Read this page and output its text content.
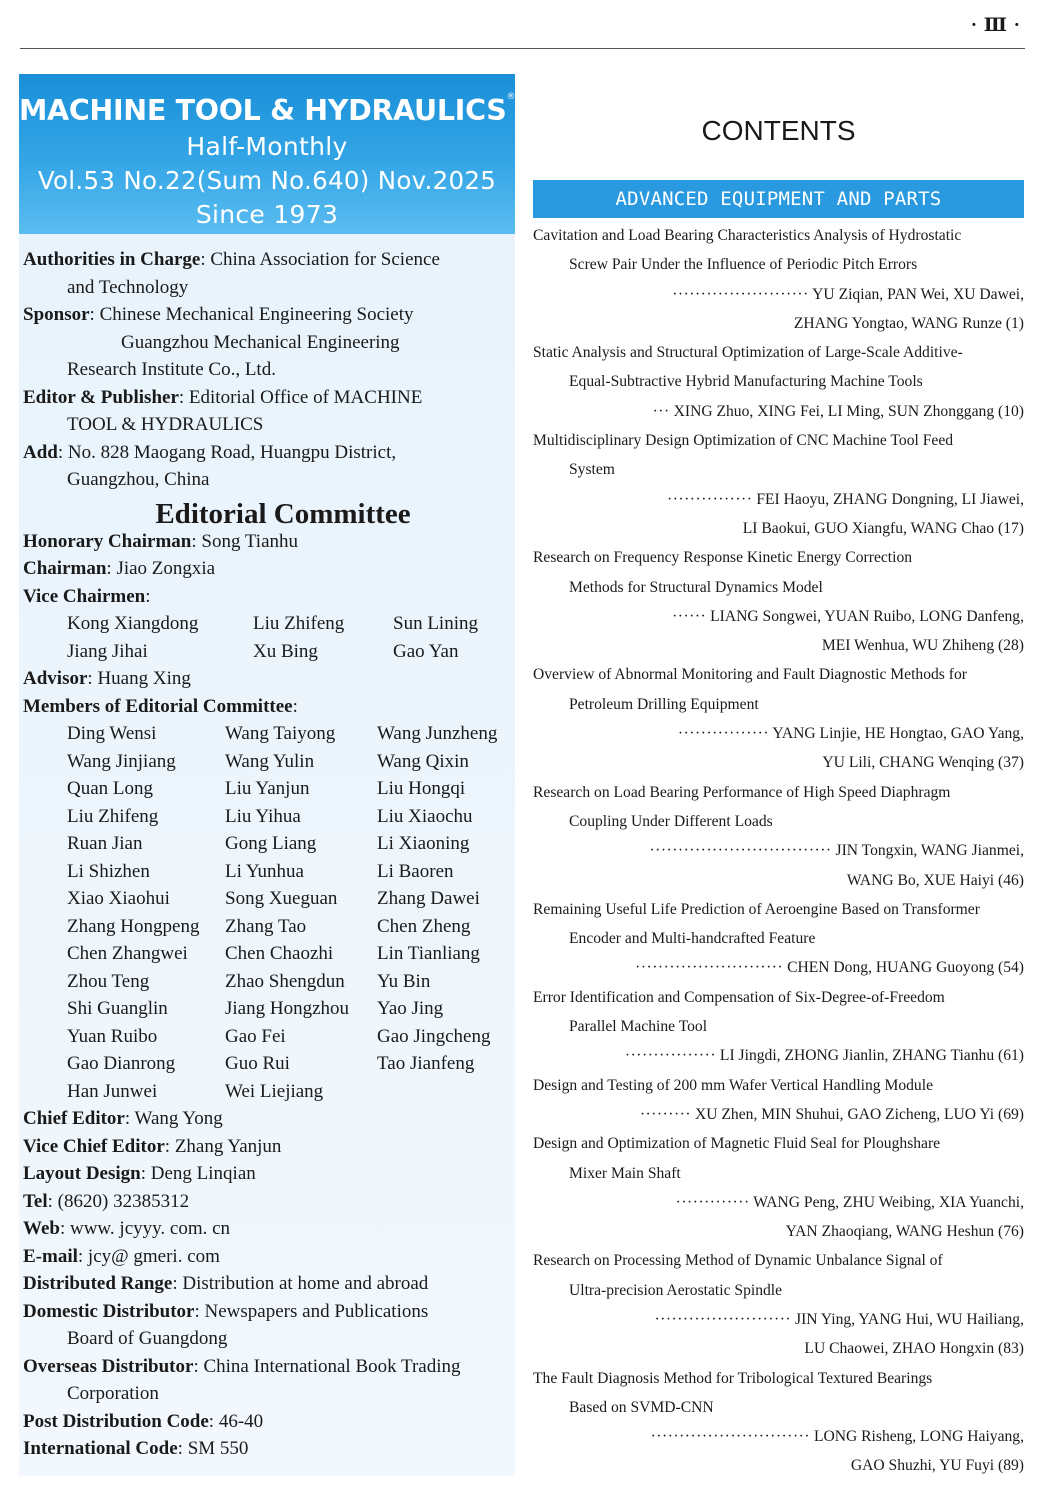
· Ⅲ ·
MACHINE TOOL & HYDRAULICS®
Half-Monthly
Vol.53 No.22(Sum No.640) Nov.2025
Since 1973

Authorities in Charge: China Association for Science

and Technology

Sponsor: Chinese Mechanical Engineering Society

Guangzhou Mechanical Engineering

Research Institute Co., Ltd.

Editor & Publisher: Editorial Office of MACHINE

TOOL & HYDRAULICS

Add: No. 828 Maogang Road, Huangpu District,

Guangzhou, China

Editorial Committee

Honorary Chairman: Song Tianhu

Chairman: Jiao Zongxia

Vice Chairmen:

Kong Xiangdong	Liu Zhifeng	Sun Lining
Jiang Jihai	Xu Bing	Gao Yan

Advisor: Huang Xing

Members of Editorial Committee:

Ding Wensi	Wang Taiyong	Wang Junzheng
Wang Jinjiang	Wang Yulin	Wang Qixin
Quan Long	Liu Yanjun	Liu Hongqi
Liu Zhifeng	Liu Yihua	Liu Xiaochu
Ruan Jian	Gong Liang	Li Xiaoning
Li Shizhen	Li Yunhua	Li Baoren
Xiao Xiaohui	Song Xueguan	Zhang Dawei
Zhang Hongpeng	Zhang Tao	Chen Zheng
Chen Zhangwei	Chen Chaozhi	Lin Tianliang
Zhou Teng	Zhao Shengdun	Yu Bin
Shi Guanglin	Jiang Hongzhou	Yao Jing
Yuan Ruibo	Gao Fei	Gao Jingcheng
Gao Dianrong	Guo Rui	Tao Jianfeng
Han Junwei	Wei Liejiang

Chief Editor: Wang Yong

Vice Chief Editor: Zhang Yanjun

Layout Design: Deng Linqian

Tel: (8620) 32385312

Web: www. jcyyy. com. cn

E-mail: jcy@ gmeri. com

Distributed Range: Distribution at home and abroad

Domestic Distributor: Newspapers and Publications

Board of Guangdong

Overseas Distributor: China International Book Trading

Corporation

Post Distribution Code: 46-40

International Code: SM 550

CONTENTS
ADVANCED EQUIPMENT AND PARTS

Cavitation and Load Bearing Characteristics Analysis of Hydrostatic

Screw Pair Under the Influence of Periodic Pitch Errors

························ YU Ziqian, PAN Wei, XU Dawei,

ZHANG Yongtao, WANG Runze (1)

Static Analysis and Structural Optimization of Large-Scale Additive-

Equal-Subtractive Hybrid Manufacturing Machine Tools

··· XING Zhuo, XING Fei, LI Ming, SUN Zhonggang (10)

Multidisciplinary Design Optimization of CNC Machine Tool Feed

System

··············· FEI Haoyu, ZHANG Dongning, LI Jiawei,

LI Baokui, GUO Xiangfu, WANG Chao (17)

Research on Frequency Response Kinetic Energy Correction

Methods for Structural Dynamics Model

······ LIANG Songwei, YUAN Ruibo, LONG Danfeng,

MEI Wenhua, WU Zhiheng (28)

Overview of Abnormal Monitoring and Fault Diagnostic Methods for

Petroleum Drilling Equipment

················ YANG Linjie, HE Hongtao, GAO Yang,

YU Lili, CHANG Wenqing (37)

Research on Load Bearing Performance of High Speed Diaphragm

Coupling Under Different Loads

································ JIN Tongxin, WANG Jianmei,

WANG Bo, XUE Haiyi (46)

Remaining Useful Life Prediction of Aeroengine Based on Transformer

Encoder and Multi-handcrafted Feature

·························· CHEN Dong, HUANG Guoyong (54)

Error Identification and Compensation of Six-Degree-of-Freedom

Parallel Machine Tool

················ LI Jingdi, ZHONG Jianlin, ZHANG Tianhu (61)

Design and Testing of 200 mm Wafer Vertical Handling Module

········· XU Zhen, MIN Shuhui, GAO Zicheng, LUO Yi (69)

Design and Optimization of Magnetic Fluid Seal for Ploughshare

Mixer Main Shaft

············· WANG Peng, ZHU Weibing, XIA Yuanchi,

YAN Zhaoqiang, WANG Heshun (76)

Research on Processing Method of Dynamic Unbalance Signal of

Ultra-precision Aerostatic Spindle

························ JIN Ying, YANG Hui, WU Hailiang,

LU Chaowei, ZHAO Hongxin (83)

The Fault Diagnosis Method for Tribological Textured Bearings

Based on SVMD-CNN

···························· LONG Risheng, LONG Haiyang,

GAO Shuzhi, YU Fuyi (89)
